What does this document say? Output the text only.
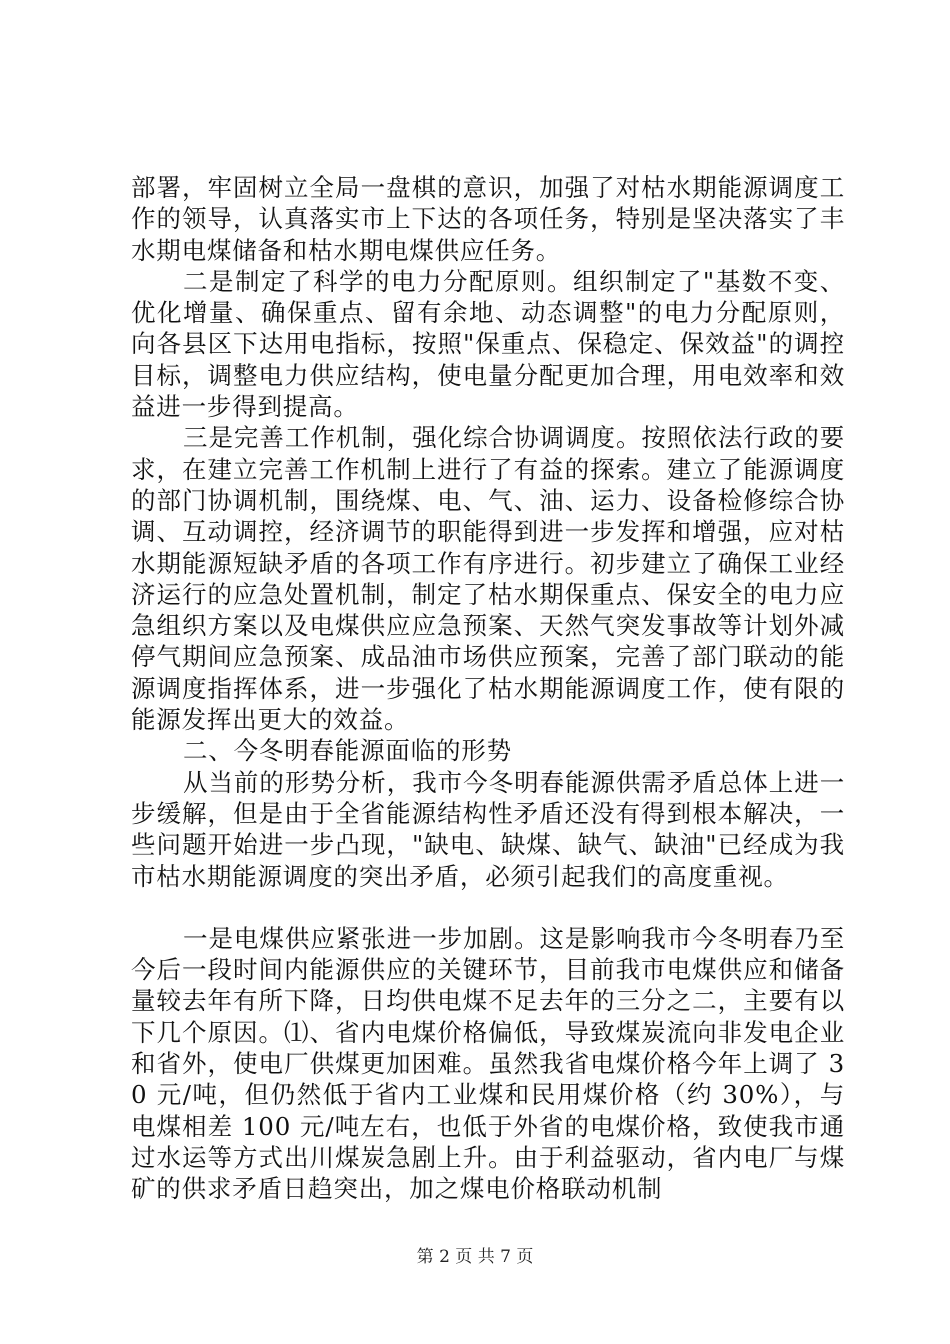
部署，牢固树立全局一盘棋的意识，加强了对枯水期能源调度工作的领导，认真落实市上下达的各项任务，特别是坚决落实了丰水期电煤储备和枯水期电煤供应任务。

二是制定了科学的电力分配原则。组织制定了"基数不变、优化增量、确保重点、留有余地、动态调整"的电力分配原则，向各县区下达用电指标，按照"保重点、保稳定、保效益"的调控目标，调整电力供应结构，使电量分配更加合理，用电效率和效益进一步得到提高。

三是完善工作机制，强化综合协调调度。按照依法行政的要求，在建立完善工作机制上进行了有益的探索。建立了能源调度的部门协调机制，围绕煤、电、气、油、运力、设备检修综合协调、互动调控，经济调节的职能得到进一步发挥和增强，应对枯水期能源短缺矛盾的各项工作有序进行。初步建立了确保工业经济运行的应急处置机制，制定了枯水期保重点、保安全的电力应急组织方案以及电煤供应应急预案、天然气突发事故等计划外减停气期间应急预案、成品油市场供应预案，完善了部门联动的能源调度指挥体系，进一步强化了枯水期能源调度工作，使有限的能源发挥出更大的效益。

二、今冬明春能源面临的形势

从当前的形势分析，我市今冬明春能源供需矛盾总体上进一步缓解，但是由于全省能源结构性矛盾还没有得到根本解决，一些问题开始进一步凸现，"缺电、缺煤、缺气、缺油"已经成为我市枯水期能源调度的突出矛盾，必须引起我们的高度重视。

一是电煤供应紧张进一步加剧。这是影响我市今冬明春乃至今后一段时间内能源供应的关键环节，目前我市电煤供应和储备量较去年有所下降，日均供电煤不足去年的三分之二，主要有以下几个原因。⑴、省内电煤价格偏低，导致煤炭流向非发电企业和省外，使电厂供煤更加困难。虽然我省电煤价格今年上调了 30 元/吨，但仍然低于省内工业煤和民用煤价格（约 30%），与电煤相差 100 元/吨左右，也低于外省的电煤价格，致使我市通过水运等方式出川煤炭急剧上升。由于利益驱动，省内电厂与煤矿的供求矛盾日趋突出，加之煤电价格联动机制

第 2 页 共 7 页
